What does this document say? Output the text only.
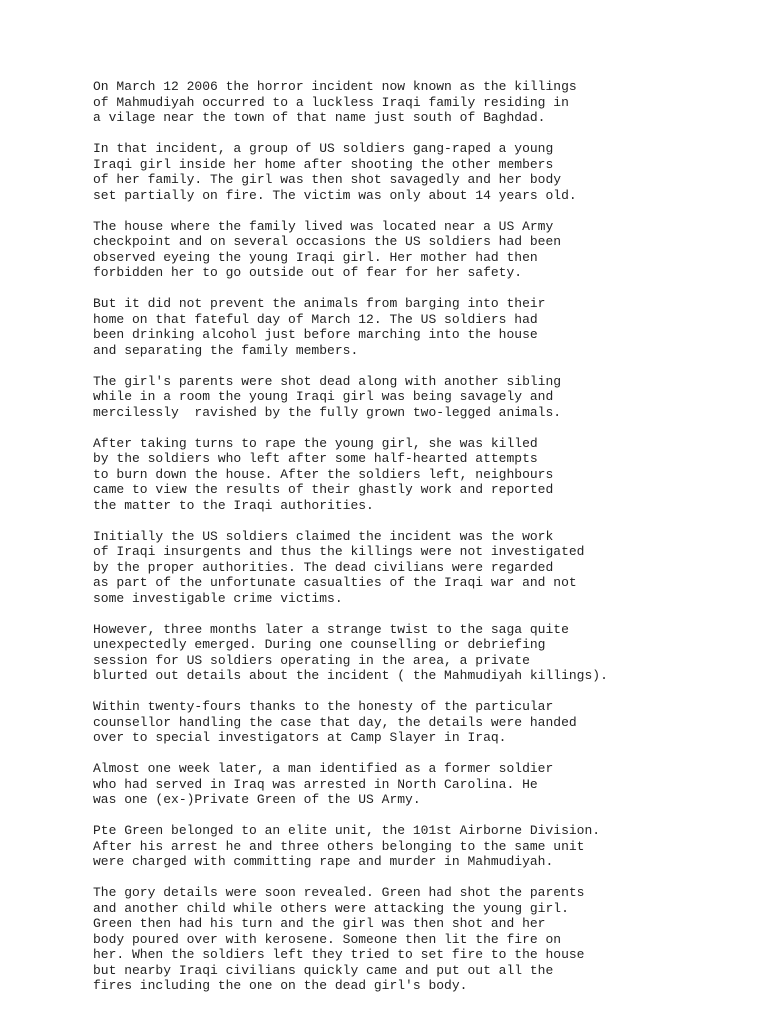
On March 12 2006 the horror incident now known as the killings
of Mahmudiyah occurred to a luckless Iraqi family residing in
a vilage near the town of that name just south of Baghdad.

In that incident, a group of US soldiers gang-raped a young
Iraqi girl inside her home after shooting the other members
of her family. The girl was then shot savagedly and her body
set partially on fire. The victim was only about 14 years old.

The house where the family lived was located near a US Army
checkpoint and on several occasions the US soldiers had been
observed eyeing the young Iraqi girl. Her mother had then
forbidden her to go outside out of fear for her safety.

But it did not prevent the animals from barging into their
home on that fateful day of March 12. The US soldiers had
been drinking alcohol just before marching into the house
and separating the family members.

The girl's parents were shot dead along with another sibling
while in a room the young Iraqi girl was being savagely and
mercilessly  ravished by the fully grown two-legged animals.

After taking turns to rape the young girl, she was killed
by the soldiers who left after some half-hearted attempts
to burn down the house. After the soldiers left, neighbours
came to view the results of their ghastly work and reported
the matter to the Iraqi authorities.

Initially the US soldiers claimed the incident was the work
of Iraqi insurgents and thus the killings were not investigated
by the proper authorities. The dead civilians were regarded
as part of the unfortunate casualties of the Iraqi war and not
some investigable crime victims.

However, three months later a strange twist to the saga quite
unexpectedly emerged. During one counselling or debriefing
session for US soldiers operating in the area, a private
blurted out details about the incident ( the Mahmudiyah killings).

Within twenty-fours thanks to the honesty of the particular
counsellor handling the case that day, the details were handed
over to special investigators at Camp Slayer in Iraq.

Almost one week later, a man identified as a former soldier
who had served in Iraq was arrested in North Carolina. He
was one (ex-)Private Green of the US Army.

Pte Green belonged to an elite unit, the 101st Airborne Division.
After his arrest he and three others belonging to the same unit
were charged with committing rape and murder in Mahmudiyah.

The gory details were soon revealed. Green had shot the parents
and another child while others were attacking the young girl.
Green then had his turn and the girl was then shot and her
body poured over with kerosene. Someone then lit the fire on
her. When the soldiers left they tried to set fire to the house
but nearby Iraqi civilians quickly came and put out all the
fires including the one on the dead girl's body.
